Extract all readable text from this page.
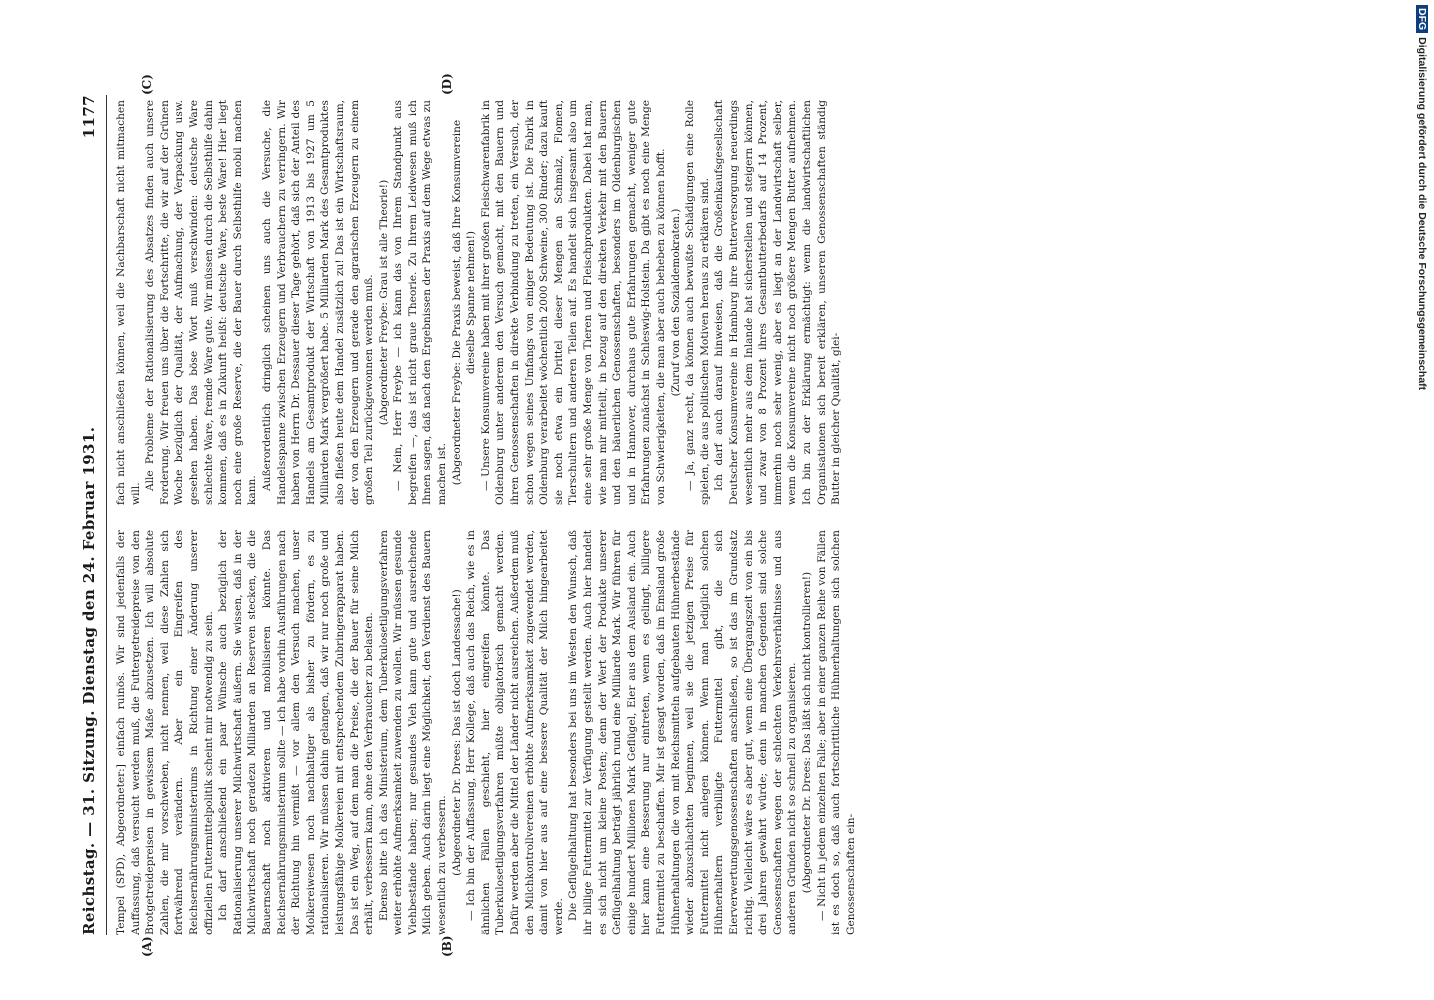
Reichstag. — 31. Sitzung. Dienstag den 24. Februar 1931.
1177

Tempel (SPD), Abgeordneter:] einfach ruinös. Wir sind jedenfalls der Auffassung, daß versucht werden muß, die Futtergetreidepreise von den Brotgetreidepreisen in gewissem Maße abzusetzen. Ich will absolute Zahlen, die mir vorschweben, nicht nennen, weil diese Zahlen sich fortwährend verändern. Aber ein Eingreifen des Reichsernährungsministeriums in Richtung einer Änderung unserer offiziellen Futtermittelpolitik scheint mir notwendig zu sein. Ich darf anschließend ein paar Wünsche auch bezüglich der Rationalisierung unserer Milchwirtschaft äußern. Sie wissen, daß in der Milchwirtschaft noch geradezu Milliarden an Reserven stecken, die die Bauernschaft noch aktivieren und mobilisieren könnte. Das Reichsernährungsministerium sollte — ich habe vorhin Ausführungen nach der Richtung hin vermißt — vor allem den Versuch machen, unser Molkereiwesen noch nachhaltiger als bisher zu fördern, es zu rationalisieren. Wir müssen dahin gelangen, daß wir nur noch große und leistungsfähige Molkereien mit entsprechendem Zubringerapparat haben. Das ist ein Weg, auf dem man die Preise, die der Bauer für seine Milch erhält, verbessern kann, ohne den Verbraucher zu belasten. Ebenso bitte ich das Ministerium, dem Tuberkulosetilgungsverfahren weiter erhöhte Aufmerksamkeit zuwenden zu wollen. Wir müssen gesunde Viehbestände haben; nur gesundes Vieh kann gute und ausreichende Milch geben. Auch darin liegt eine Möglichkeit, den Verdienst des Bauern wesentlich zu verbessern. (Abgeordneter Dr. Drees: Das ist doch Landessache!) — Ich bin der Auffassung, Herr Kollege, daß auch das Reich, wie es in ähnlichen Fällen geschieht, hier eingreifen könnte. Das Tuberkulosetilgungsverfahren müßte obligatorisch gemacht werden. Dafür werden aber die Mittel der Länder nicht ausreichen. Außerdem muß den Milchkontrollvereinen erhöhte Aufmerksamkeit zugewendet werden, damit von hier aus auf eine bessere Qualität der Milch hingearbeitet werde. Die Geflügelhaltung hat besonders bei uns im Westen den Wunsch, daß ihr billige Futtermittel zur Verfügung gestellt werden. Auch hier handelt es sich nicht um kleine Posten; denn der Wert der Produkte unserer Geflügelhaltung beträgt jährlich rund eine Milliarde Mark. Wir führen für einige hundert Millionen Mark Geflügel, Eier aus dem Ausland ein. Auch hier kann eine Besserung nur eintreten, wenn es gelingt, billigere Futtermittel zu beschaffen. Mir ist gesagt worden, daß im Emsland große Hühnerhaltungen die von mit Reichsmitteln aufgebauten Hühnerbestände wieder abzuschlachten beginnen, weil sie die jetzigen Preise für Futtermittel nicht anlegen können. Wenn man lediglich solchen Hühnerhaltern verbilligte Futtermittel gibt, die sich Eierverwertungsgenossenschaften anschließen, so ist das im Grundsatz richtig. Vielleicht wäre es aber gut, wenn eine Übergangszeit von ein bis drei Jahren gewährt würde; denn in manchen Gegenden sind solche Genossenschaften wegen der schlechten Verkehrsverhältnisse und aus anderen Gründen nicht so schnell zu organisieren. (Abgeordneter Dr. Drees: Das läßt sich nicht kontrollieren!) — Nicht in jedem einzelnen Falle; aber in einer ganzen Reihe von Fällen ist es doch so, daß auch fortschrittliche Hühnerhaltungen sich solchen Genossenschaften ein-

fach nicht anschließen können, weil die Nachbarschaft nicht mitmachen will.

Alle Probleme der Rationalisierung des Absatzes finden auch unsere Forderung. Wir freuen uns über die Fortschritte, die wir auf der Grünen Woche bezüglich der Qualität, der Aufmachung, der Verpackung usw. gesehen haben. Das böse Wort muß verschwinden: deutsche Ware schlechte Ware, fremde Ware gute. Wir müssen durch die Selbsthilfe dahin kommen, daß es in Zukunft heißt: deutsche Ware, beste Ware! Hier liegt noch eine große Reserve, die der Bauer durch Selbsthilfe mobil machen kann. Außerordentlich dringlich scheinen uns auch die Versuche, die Handelsspanne zwischen Erzeugern und Verbrauchern zu verringern. Wir haben von Herrn Dr. Dessauer dieser Tage gehört, daß sich der Anteil des Handels am Gesamtprodukt der Wirtschaft von 1913 bis 1927 um 5 Milliarden Mark vergrößert habe. 5 Milliarden Mark des Gesamtproduktes also fließen heute dem Handel zusätzlich zu! Das ist ein Wirtschaftsraum, der von den Erzeugern und gerade den agrarischen Erzeugern zu einem großen Teil zurückgewonnen werden muß. (Abgeordneter Freybe: Grau ist alle Theorie!) — Nein, Herr Freybe — ich kann das von Ihrem Standpunkt aus begreifen —, das ist nicht graue Theorie. Zu Ihrem Leidwesen muß ich Ihnen sagen, daß nach den Ergebnissen der Praxis auf dem Wege etwas zu machen ist. (Abgeordneter Freybe: Die Praxis beweist, daß Ihre Konsumvereine dieselbe Spanne nehmen!) — Unsere Konsumvereine haben mit ihrer großen Fleischwarenfabrik in Oldenburg unter anderem den Versuch gemacht, mit den Bauern und ihren Genossenschaften in direkte Verbindung zu treten, ein Versuch, der schon wegen seines Umfangs von einiger Bedeutung ist. Die Fabrik in Oldenburg verarbeitet wöchentlich 2000 Schweine, 300 Rinder; dazu kauft sie noch etwa ein Drittel dieser Mengen an Schmalz, Flomen, Tierschultern und anderen Teilen auf. Es handelt sich insgesamt also um eine sehr große Menge von Tieren und Fleischprodukten. Dabei hat man, wie man mir mitteilt, in bezug auf den direkten Verkehr mit den Bauern und den bäuerlichen Genossenschaften, besonders im Oldenburgischen und in Hannover, durchaus gute Erfahrungen gemacht, weniger gute Erfahrungen zunächst in Schleswig-Holstein. Da gibt es noch eine Menge von Schwierigkeiten, die man aber auch beheben zu können hofft. (Zuruf von den Sozialdemokraten.) — Ja, ganz recht, da können auch bewußte Schädigungen eine Rolle spielen, die aus politischen Motiven heraus zu erklären sind. Ich darf auch darauf hinweisen, daß die Großeinkaufsgesellschaft Deutscher Konsumvereine in Hamburg ihre Butterversorgung neuerdings wesentlich mehr aus dem Inlande hat sicherstellen und steigern können, und zwar von 8 Prozent ihres Gesamtbutterbedarfs auf 14 Prozent, immerhin noch sehr wenig, aber es liegt an der Landwirtschaft selber, wenn die Konsumvereine nicht noch größere Mengen Butter aufnehmen. Ich bin zu der Erklärung ermächtigt: wenn die landwirtschaftlichen Organisationen sich bereit erklären, unseren Genossenschaften ständig Butter in gleicher Qualität, glei-

(A)	(B)
(C)	(D)
DFGDigitalisierung gefördert durch die Deutsche Forschungsgemeinschaft
